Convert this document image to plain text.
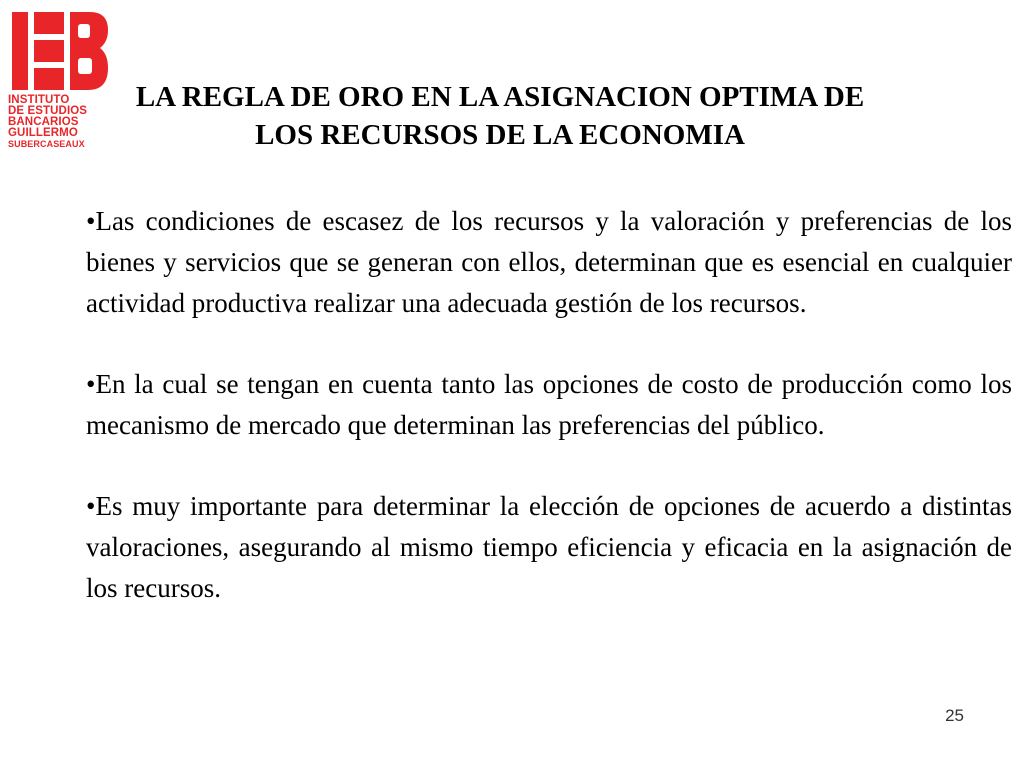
INSTITUTO
DE ESTUDIOS
BANCARIOS
GUILLERMO
SUBERCASEAUX
LA REGLA DE ORO EN LA ASIGNACION OPTIMA DE
LOS RECURSOS DE LA ECONOMIA
•Las condiciones de escasez de los recursos y la valoración y preferencias de los bienes y servicios que se generan con ellos, determinan que es esencial en cualquier actividad productiva realizar una adecuada gestión de los recursos.
•En la cual se tengan en cuenta tanto las opciones de costo de producción como los mecanismo de mercado que determinan las preferencias del público.
•Es muy importante para determinar la elección de opciones de acuerdo a distintas valoraciones, asegurando al mismo tiempo eficiencia y eficacia en la asignación de los recursos.
25
